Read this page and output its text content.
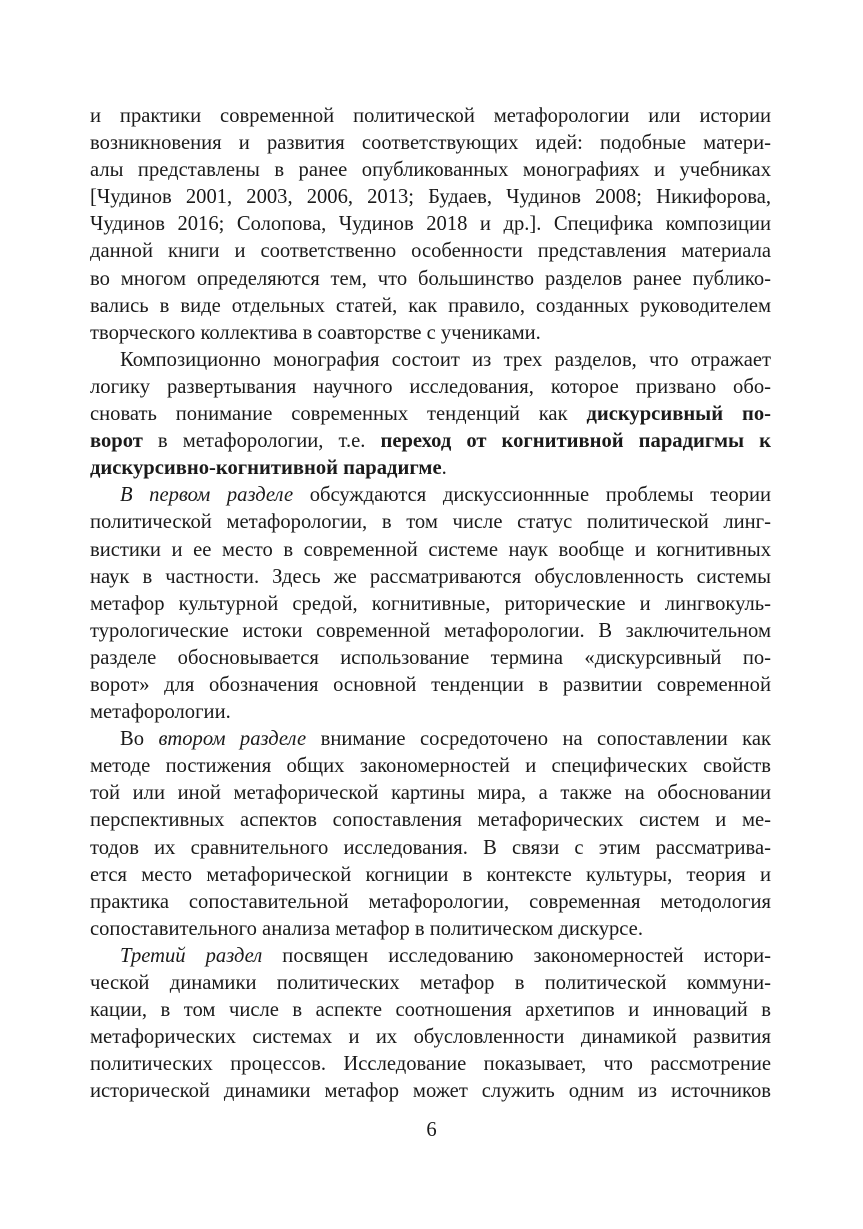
и практики современной политической метафорологии или истории
возникновения и развития соответствующих идей: подобные матери-
алы представлены в ранее опубликованных монографиях и учебниках
[Чудинов 2001, 2003, 2006, 2013; Будаев, Чудинов 2008; Никифорова,
Чудинов 2016; Солопова, Чудинов 2018 и др.]. Специфика композиции
данной книги и соответственно особенности представления материала
во многом определяются тем, что большинство разделов ранее публико-
вались в виде отдельных статей, как правило, созданных руководителем
творческого коллектива в соавторстве с учениками.
Композиционно монография состоит из трех разделов, что отражает
логику развертывания научного исследования, которое призвано обо-
сновать понимание современных тенденций как дискурсивный по-
ворот в метафорологии, т.е. переход от когнитивной парадигмы к
дискурсивно-когнитивной парадигме.
В первом разделе обсуждаются дискуссионнные проблемы теории
политической метафорологии, в том числе статус политической линг-
вистики и ее место в современной системе наук вообще и когнитивных
наук в частности. Здесь же рассматриваются обусловленность системы
метафор культурной средой, когнитивные, риторические и лингвокуль-
турологические истоки современной метафорологии. В заключительном
разделе обосновывается использование термина «дискурсивный по-
ворот» для обозначения основной тенденции в развитии современной
метафорологии.
Во втором разделе внимание сосредоточено на сопоставлении как
методе постижения общих закономерностей и специфических свойств
той или иной метафорической картины мира, а также на обосновании
перспективных аспектов сопоставления метафорических систем и ме-
тодов их сравнительного исследования. В связи с этим рассматрива-
ется место метафорической когниции в контексте культуры, теория и
практика сопоставительной метафорологии, современная методология
сопоставительного анализа метафор в политическом дискурсе.
Третий раздел посвящен исследованию закономерностей истори-
ческой динамики политических метафор в политической коммуни-
кации, в том числе в аспекте соотношения архетипов и инноваций в
метафорических системах и их обусловленности динамикой развития
политических процессов. Исследование показывает, что рассмотрение
исторической динамики метафор может служить одним из источников
6
